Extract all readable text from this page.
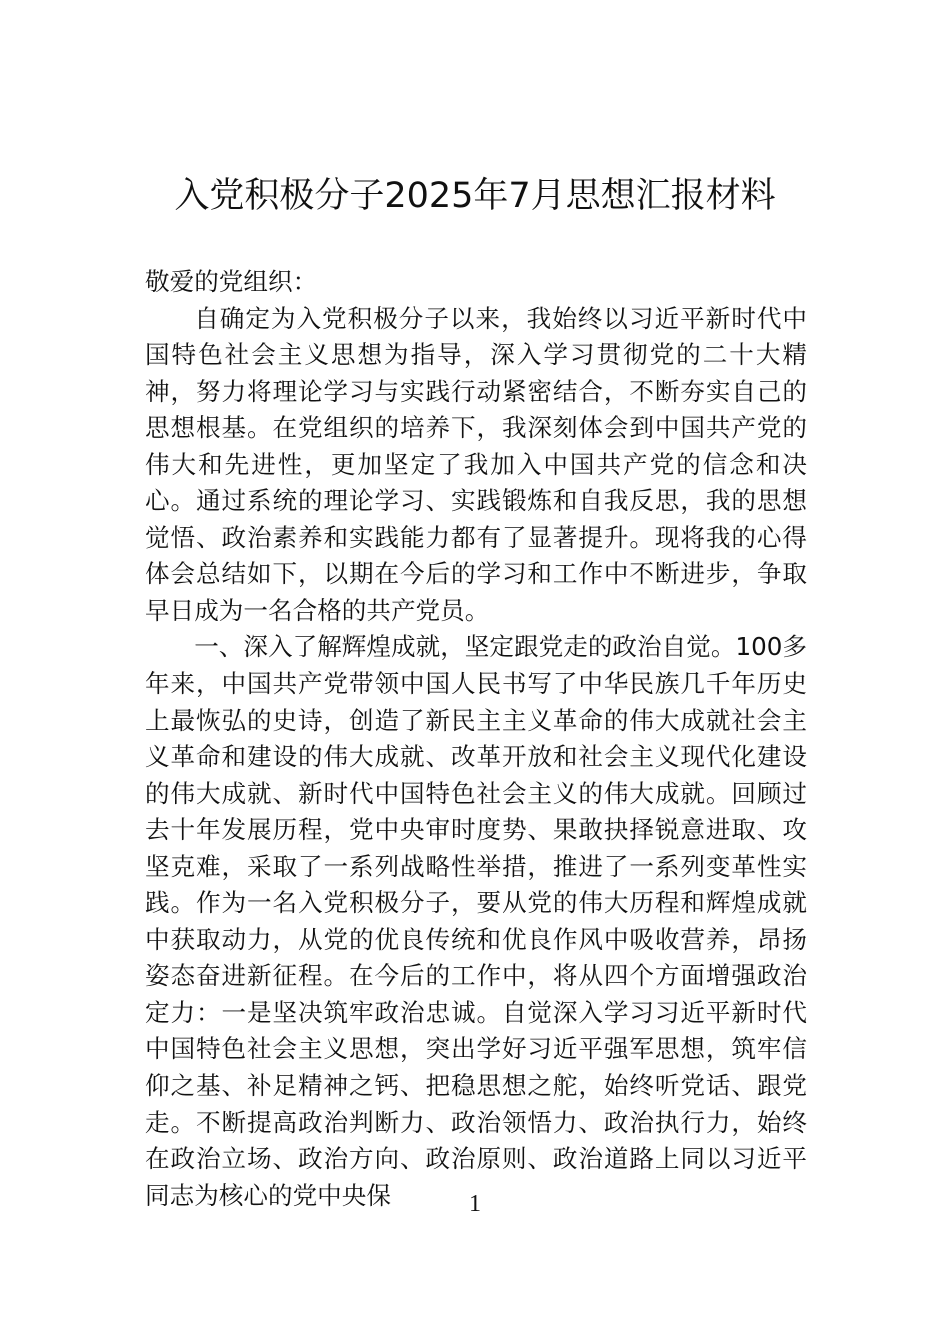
入党积极分子2025年7月思想汇报材料

敬爱的党组织：

自确定为入党积极分子以来，我始终以习近平新时代中国特色社会主义思想为指导，深入学习贯彻党的二十大精神，努力将理论学习与实践行动紧密结合，不断夯实自己的思想根基。在党组织的培养下，我深刻体会到中国共产党的伟大和先进性，更加坚定了我加入中国共产党的信念和决心。通过系统的理论学习、实践锻炼和自我反思，我的思想觉悟、政治素养和实践能力都有了显著提升。现将我的心得体会总结如下，以期在今后的学习和工作中不断进步，争取早日成为一名合格的共产党员。

一、深入了解辉煌成就，坚定跟党走的政治自觉。100多年来，中国共产党带领中国人民书写了中华民族几千年历史上最恢弘的史诗，创造了新民主主义革命的伟大成就社会主义革命和建设的伟大成就、改革开放和社会主义现代化建设的伟大成就、新时代中国特色社会主义的伟大成就。回顾过去十年发展历程，党中央审时度势、果敢抉择锐意进取、攻坚克难，采取了一系列战略性举措，推进了一系列变革性实践。作为一名入党积极分子，要从党的伟大历程和辉煌成就中获取动力，从党的优良传统和优良作风中吸收营养，昂扬姿态奋进新征程。在今后的工作中，将从四个方面增强政治定力：一是坚决筑牢政治忠诚。自觉深入学习习近平新时代中国特色社会主义思想，突出学好习近平强军思想，筑牢信仰之基、补足精神之钙、把稳思想之舵，始终听党话、跟党走。不断提高政治判断力、政治领悟力、政治执行力，始终在政治立场、政治方向、政治原则、政治道路上同以习近平同志为核心的党中央保	1
